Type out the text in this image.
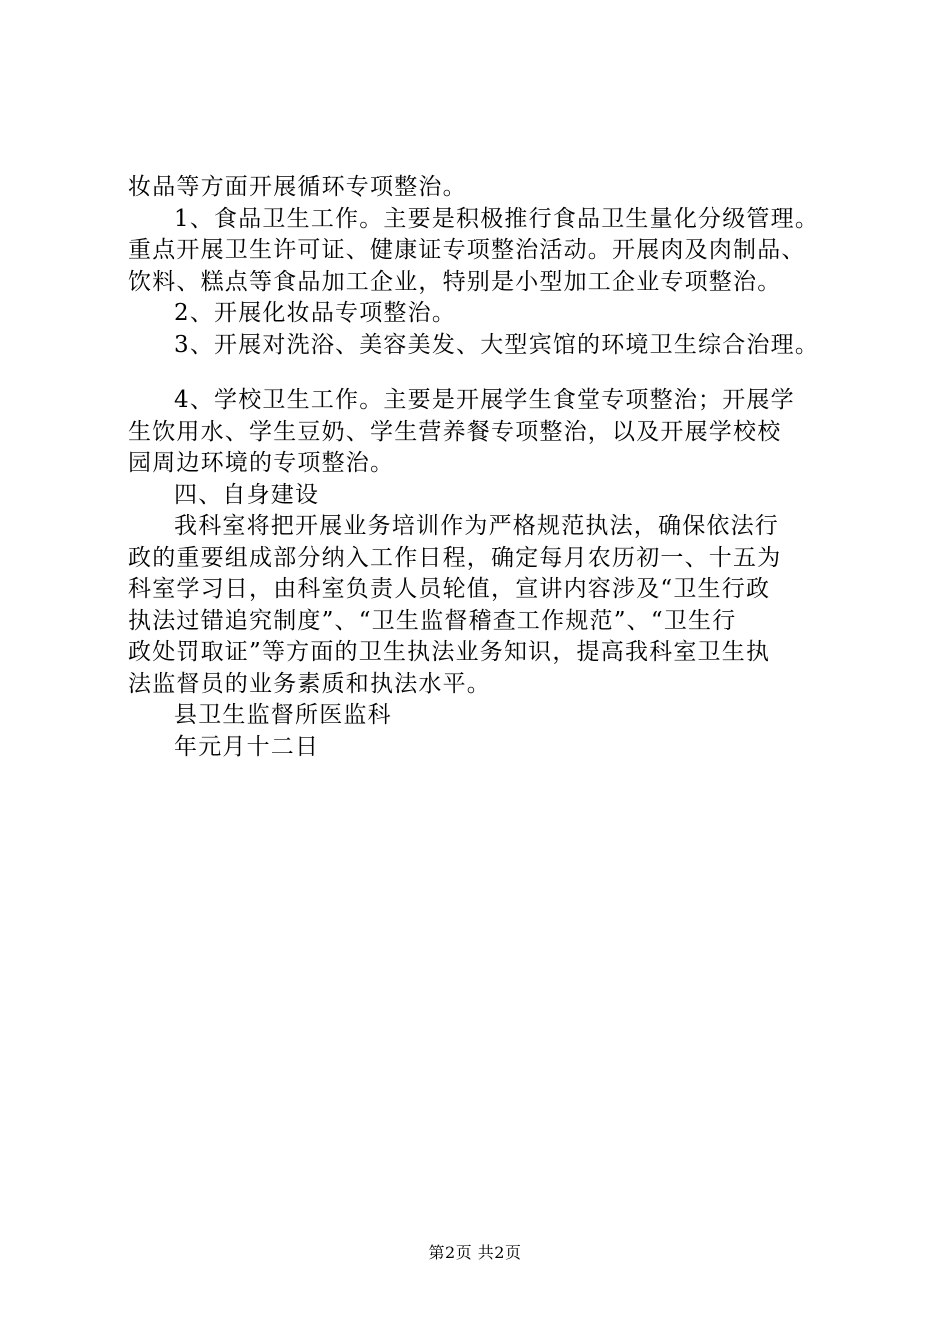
妆品等方面开展循环专项整治。
1、食品卫生工作。主要是积极推行食品卫生量化分级管理。
重点开展卫生许可证、健康证专项整治活动。开展肉及肉制品、
饮料、糕点等食品加工企业，特别是小型加工企业专项整治。
2、开展化妆品专项整治。
3、开展对洗浴、美容美发、大型宾馆的环境卫生综合治理。
4、学校卫生工作。主要是开展学生食堂专项整治；开展学
生饮用水、学生豆奶、学生营养餐专项整治，以及开展学校校
园周边环境的专项整治。
四、自身建设
我科室将把开展业务培训作为严格规范执法，确保依法行
政的重要组成部分纳入工作日程，确定每月农历初一、十五为
科室学习日，由科室负责人员轮值，宣讲内容涉及“卫生行政
执法过错追究制度”、“卫生监督稽查工作规范”、“卫生行
政处罚取证”等方面的卫生执法业务知识，提高我科室卫生执
法监督员的业务素质和执法水平。
县卫生监督所医监科
年元月十二日
第2页 共2页
